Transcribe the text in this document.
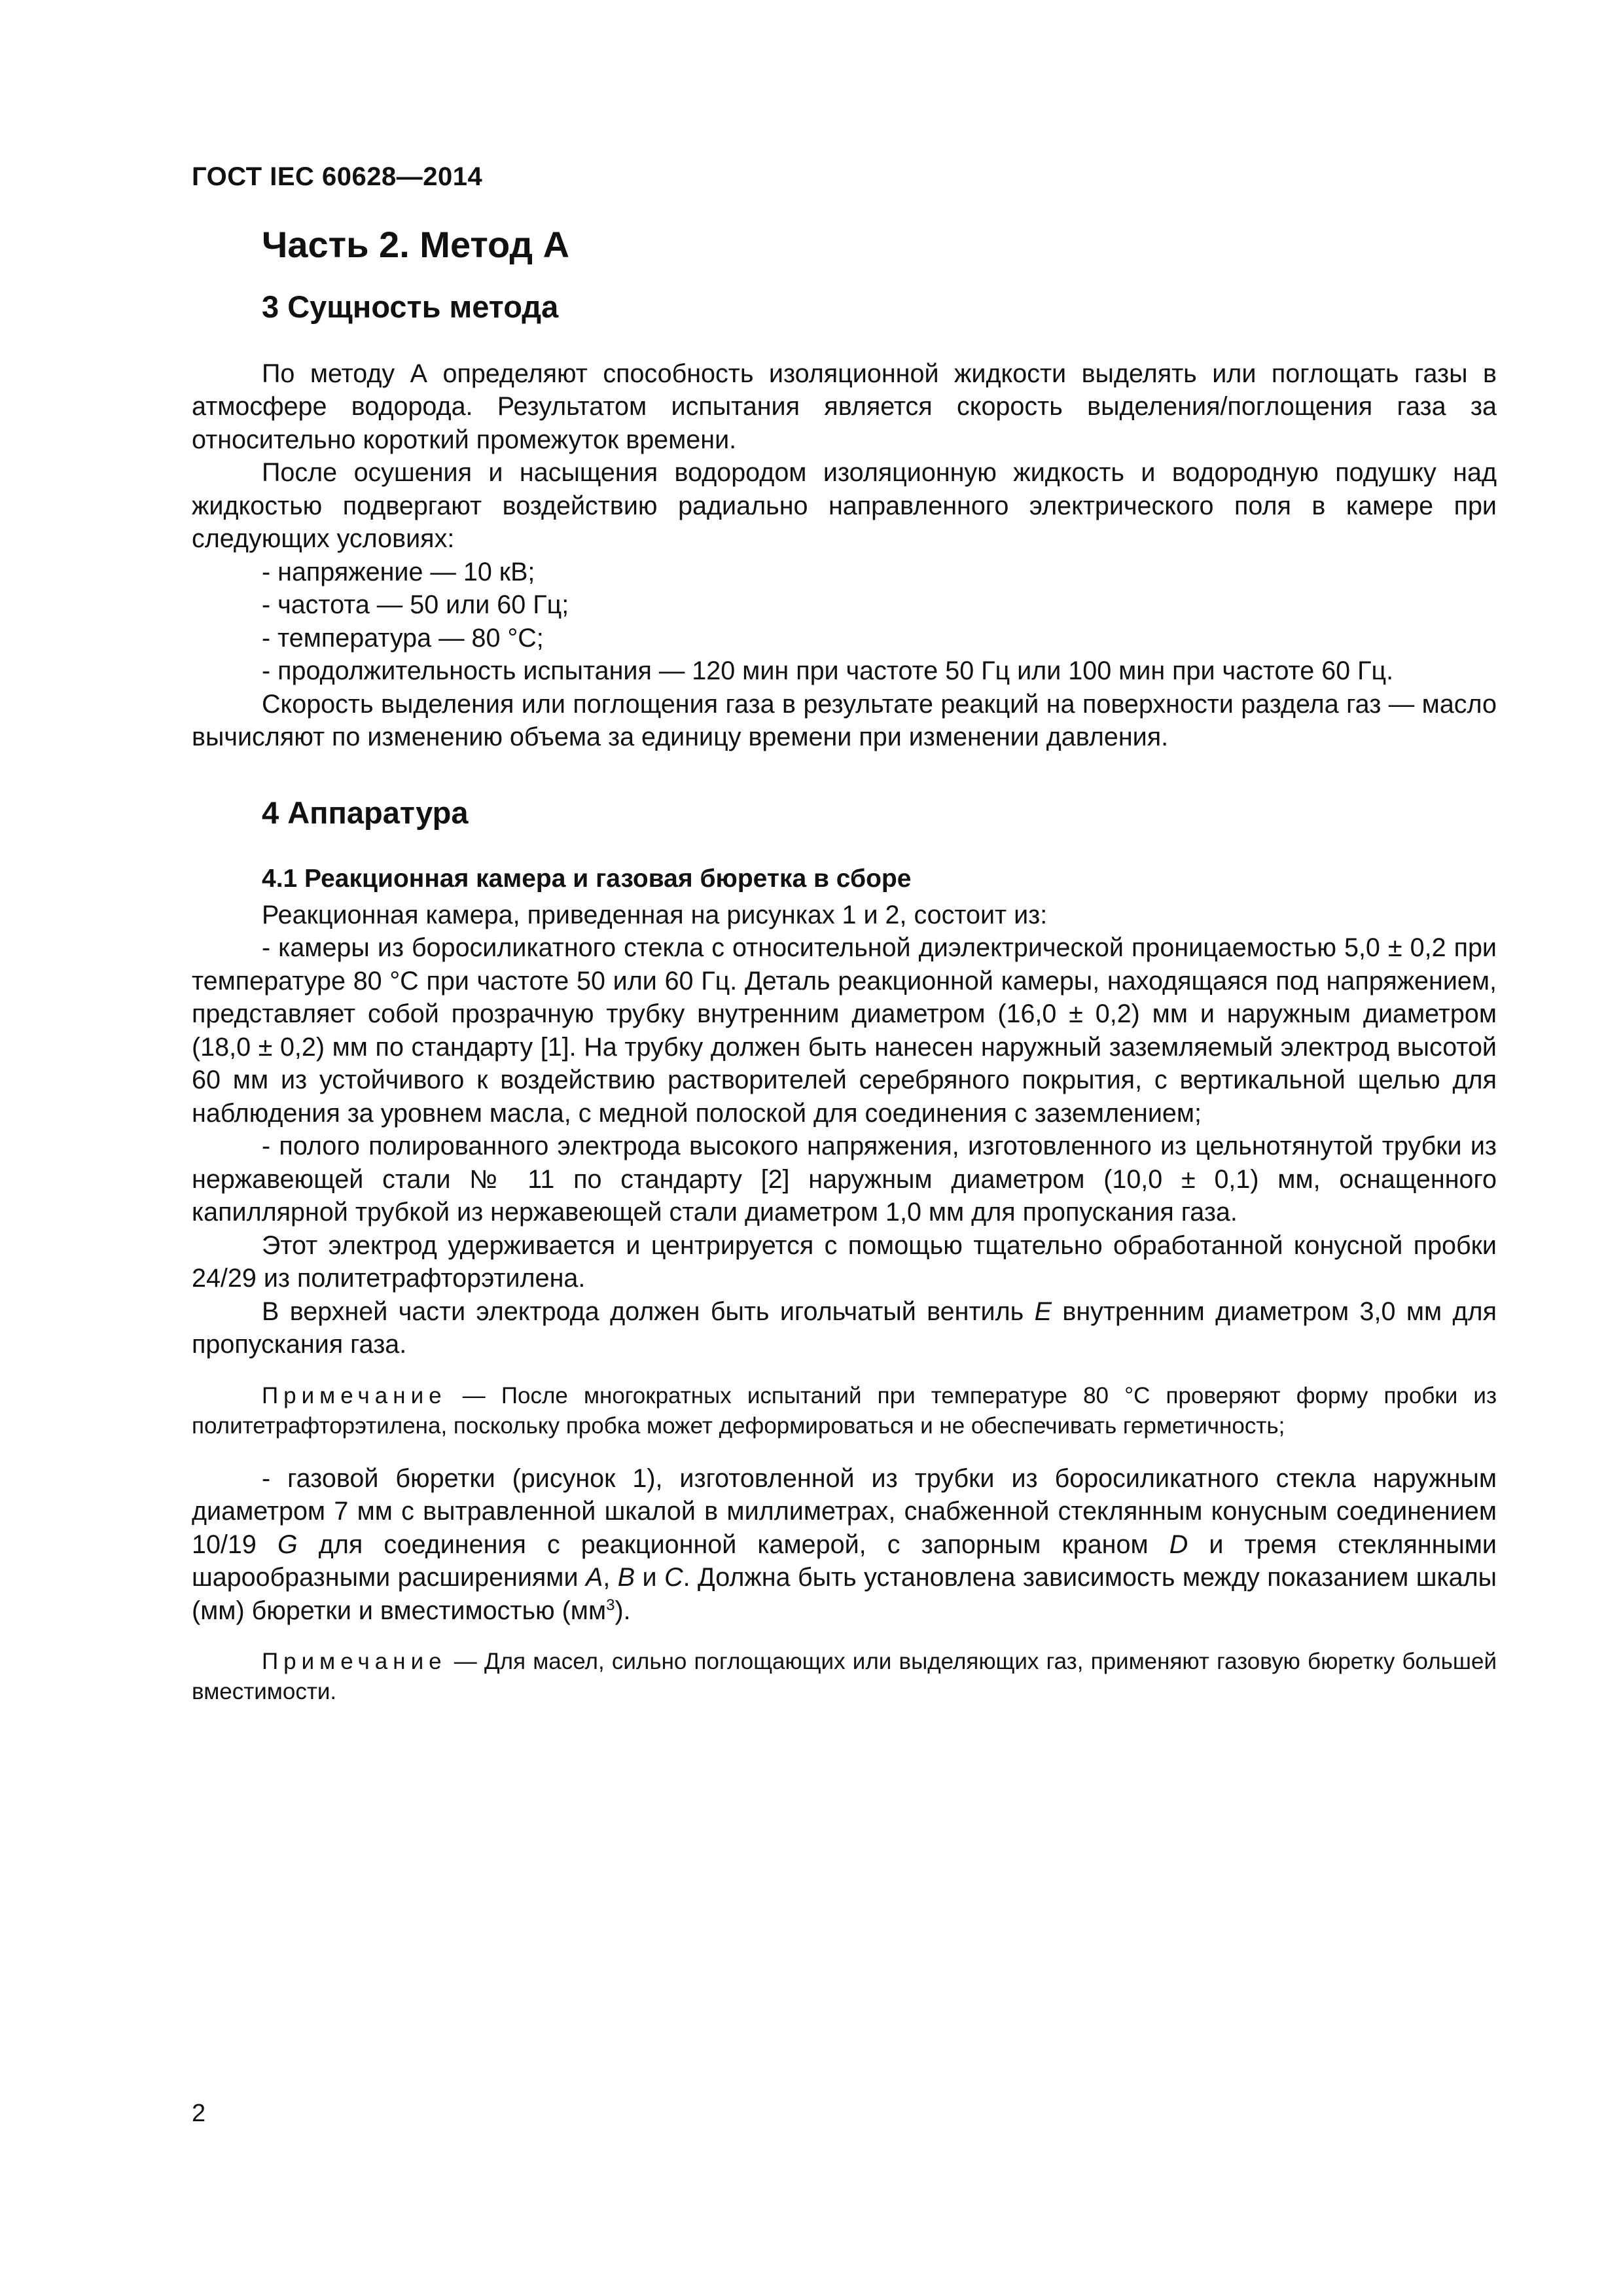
ГОСТ IEC 60628—2014
Часть 2. Метод А
3 Сущность метода

По методу А определяют способность изоляционной жидкости выделять или поглощать газы в атмосфере водорода. Результатом испытания является скорость выделения/поглощения газа за относительно короткий промежуток времени.

После осушения и насыщения водородом изоляционную жидкость и водородную подушку над жидкостью подвергают воздействию радиально направленного электрического поля в камере при следующих условиях:

- напряжение — 10 кВ;

- частота — 50 или 60 Гц;

- температура — 80 °С;

- продолжительность испытания — 120 мин при частоте 50 Гц или 100 мин при частоте 60 Гц.

Скорость выделения или поглощения газа в результате реакций на поверхности раздела газ — масло вычисляют по изменению объема за единицу времени при изменении давления.

4 Аппаратура
4.1 Реакционная камера и газовая бюретка в сборе

Реакционная камера, приведенная на рисунках 1 и 2, состоит из:

- камеры из боросиликатного стекла с относительной диэлектрической проницаемостью 5,0 ± 0,2 при температуре 80 °С при частоте 50 или 60 Гц. Деталь реакционной камеры, находящаяся под напряжением, представляет собой прозрачную трубку внутренним диаметром (16,0 ± 0,2) мм и наружным диаметром (18,0 ± 0,2) мм по стандарту [1]. На трубку должен быть нанесен наружный заземляемый электрод высотой 60 мм из устойчивого к воздействию растворителей серебряного покрытия, с вертикальной щелью для наблюдения за уровнем масла, с медной полоской для соединения с заземлением;

- полого полированного электрода высокого напряжения, изготовленного из цельнотянутой трубки из нержавеющей стали № 11 по стандарту [2] наружным диаметром (10,0 ± 0,1) мм, оснащенного капиллярной трубкой из нержавеющей стали диаметром 1,0 мм для пропускания газа.

Этот электрод удерживается и центрируется с помощью тщательно обработанной конусной пробки 24/29 из политетрафторэтилена.

В верхней части электрода должен быть игольчатый вентиль E внутренним диаметром 3,0 мм для пропускания газа.

Примечание — После многократных испытаний при температуре 80 °С проверяют форму пробки из политетрафторэтилена, поскольку пробка может деформироваться и не обеспечивать герметичность;

- газовой бюретки (рисунок 1), изготовленной из трубки из боросиликатного стекла наружным диаметром 7 мм с вытравленной шкалой в миллиметрах, снабженной стеклянным конусным соединением 10/19 G для соединения с реакционной камерой, с запорным краном D и тремя стеклянными шарообразными расширениями A, B и C. Должна быть установлена зависимость между показанием шкалы (мм) бюретки и вместимостью $(мм^3)$.

Примечание — Для масел, сильно поглощающих или выделяющих газ, применяют газовую бюретку большей вместимости.
2
